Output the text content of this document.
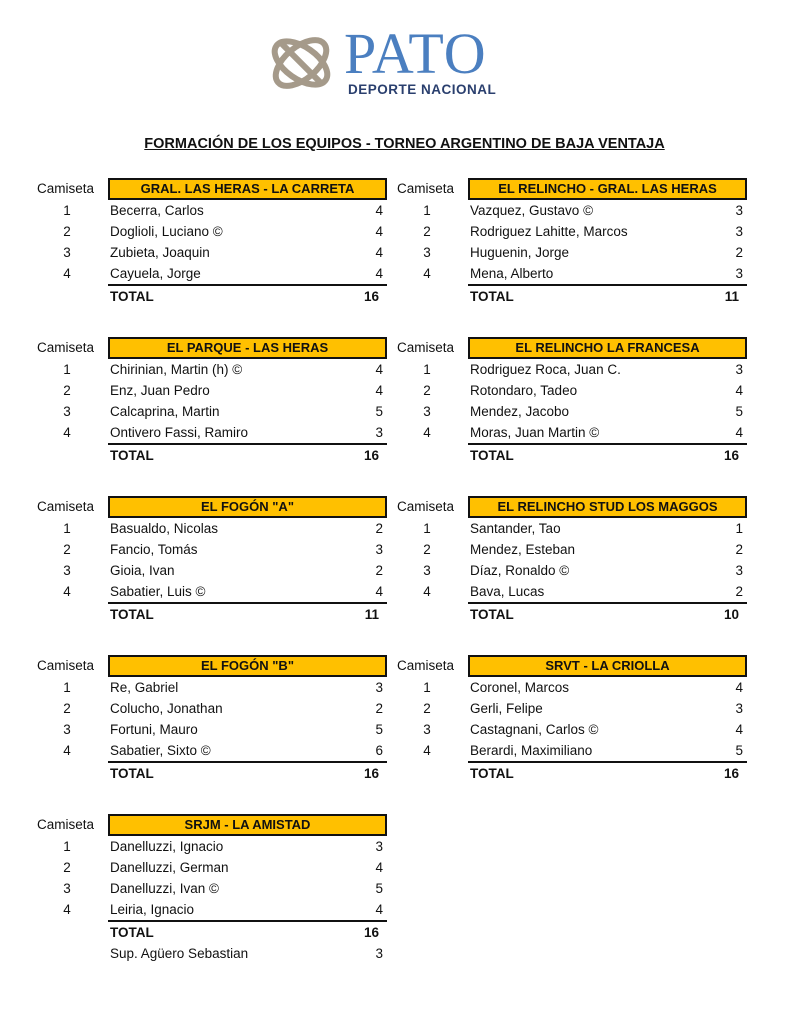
PATO
DEPORTE NACIONAL
FORMACIÓN DE LOS EQUIPOS - TORNEO ARGENTINO DE BAJA VENTAJA
Camiseta	GRAL. LAS HERAS - LA CARRETA
1	Becerra, Carlos	4
2	Doglioli, Luciano ©	4
3	Zubieta, Joaquin	4
4	Cayuela, Jorge	4
TOTAL	16
Camiseta	EL RELINCHO - GRAL. LAS HERAS
1	Vazquez, Gustavo ©	3
2	Rodriguez Lahitte, Marcos	3
3	Huguenin, Jorge	2
4	Mena, Alberto	3
TOTAL	11
Camiseta	EL PARQUE - LAS HERAS
1	Chirinian, Martin (h) ©	4
2	Enz, Juan Pedro	4
3	Calcaprina, Martin	5
4	Ontivero Fassi, Ramiro	3
TOTAL	16
Camiseta	EL RELINCHO LA FRANCESA
1	Rodriguez Roca, Juan C.	3
2	Rotondaro, Tadeo	4
3	Mendez, Jacobo	5
4	Moras, Juan Martin ©	4
TOTAL	16
Camiseta	EL FOGÓN "A"
1	Basualdo, Nicolas	2
2	Fancio, Tomás	3
3	Gioia, Ivan	2
4	Sabatier, Luis ©	4
TOTAL	11
Camiseta	EL RELINCHO STUD LOS MAGGOS
1	Santander, Tao	1
2	Mendez, Esteban	2
3	Díaz, Ronaldo ©	3
4	Bava, Lucas	2
TOTAL	10
Camiseta	EL FOGÓN "B"
1	Re, Gabriel	3
2	Colucho, Jonathan	2
3	Fortuni, Mauro	5
4	Sabatier, Sixto ©	6
TOTAL	16
Camiseta	SRVT - LA CRIOLLA
1	Coronel, Marcos	4
2	Gerli, Felipe	3
3	Castagnani, Carlos ©	4
4	Berardi, Maximiliano	5
TOTAL	16
Camiseta	SRJM - LA AMISTAD
1	Danelluzzi, Ignacio	3
2	Danelluzzi, German	4
3	Danelluzzi, Ivan ©	5
4	Leiria, Ignacio	4
TOTAL	16
Sup. Agüero Sebastian	3
